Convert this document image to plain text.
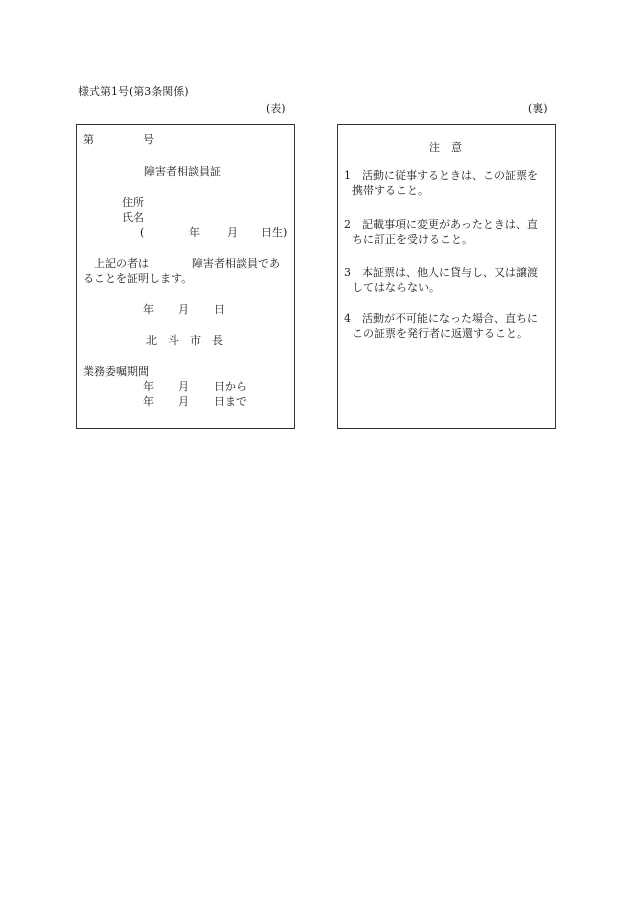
様式第1号(第3条関係)
(表)	(裏)
第	号
障害者相談員証
住所
氏名
(	年 月 日生)
上記の者は	障害者相談員であ
ることを証明します。
年 月 日
北　斗　市　長
業務委嘱期間
年 月 日から
年 月 日まで
注　意
1　活動に従事するときは、この証票を
携帯すること。
2　記載事項に変更があったときは、直
ちに訂正を受けること。
3　本証票は、他人に貸与し、又は譲渡
してはならない。
4　活動が不可能になった場合、直ちに
この証票を発行者に返還すること。
